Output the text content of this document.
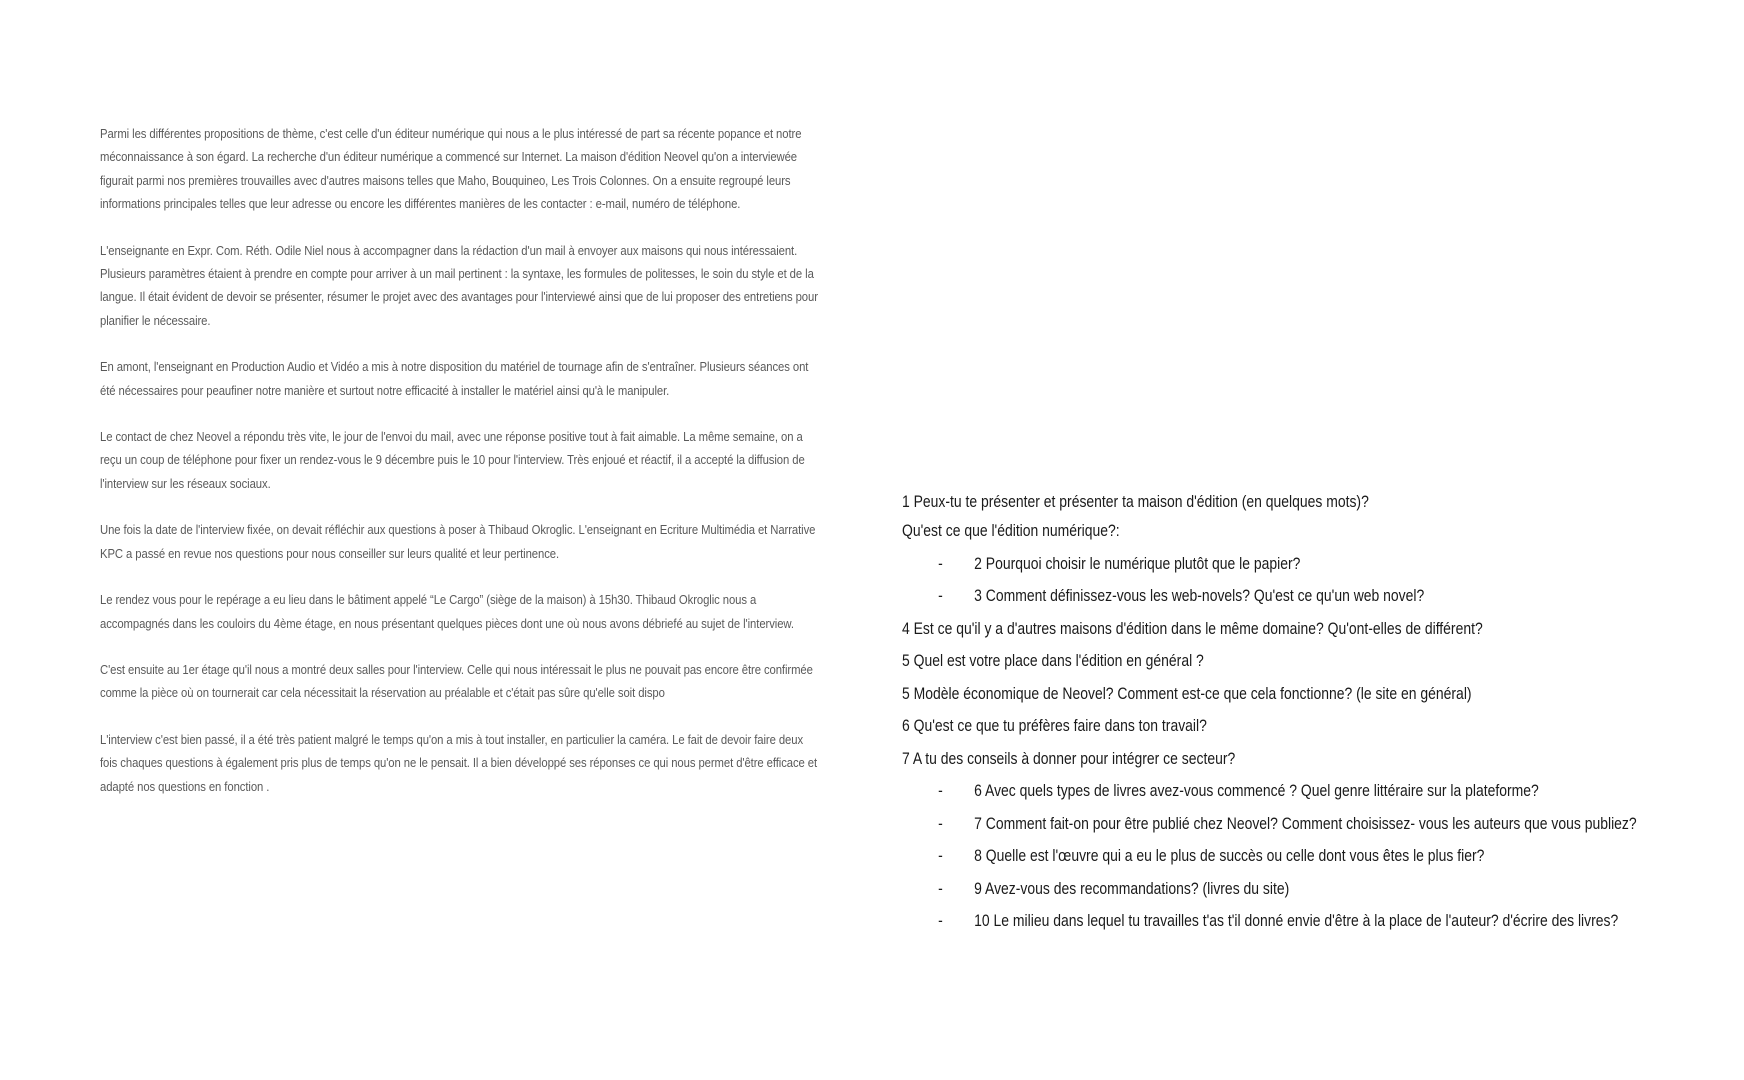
Parmi les différentes propositions de thème, c'est celle d'un éditeur numérique qui nous a le plus intéressé de part sa récente popance et notre méconnaissance à son égard. La recherche d'un éditeur numérique a commencé sur Internet. La maison d'édition Neovel qu'on a interviewée figurait parmi nos premières trouvailles avec d'autres maisons telles que Maho, Bouquineo, Les Trois Colonnes. On a ensuite regroupé leurs informations principales telles que leur adresse ou encore les différentes manières de les contacter : e-mail, numéro de téléphone.

L'enseignante en Expr. Com. Réth. Odile Niel nous à accompagner dans la rédaction d'un mail à envoyer aux maisons qui nous intéressaient. Plusieurs paramètres étaient à prendre en compte pour arriver à un mail pertinent : la syntaxe, les formules de politesses, le soin du style et de la langue. Il était évident de devoir se présenter, résumer le projet avec des avantages pour l'interviewé ainsi que de lui proposer des entretiens pour planifier le nécessaire.

En amont, l'enseignant en Production Audio et Vidéo a mis à notre disposition du matériel de tournage afin de s'entraîner. Plusieurs séances ont été nécessaires pour peaufiner notre manière et surtout notre efficacité à installer le matériel ainsi qu'à le manipuler.

Le contact de chez Neovel a répondu très vite, le jour de l'envoi du mail, avec une réponse positive tout à fait aimable. La même semaine, on a reçu un coup de téléphone pour fixer un rendez-vous le 9 décembre puis le 10 pour l'interview. Très enjoué et réactif, il a accepté la diffusion de l'interview sur les réseaux sociaux.

Une fois la date de l'interview fixée, on devait réfléchir aux questions à poser à Thibaud Okroglic. L'enseignant en Ecriture Multimédia et Narrative KPC a passé en revue nos questions pour nous conseiller sur leurs qualité et leur pertinence.

Le rendez vous pour le repérage a eu lieu dans le bâtiment appelé “Le Cargo” (siège de la maison) à 15h30. Thibaud Okroglic nous a accompagnés dans les couloirs du 4ème étage, en nous présentant quelques pièces dont une où nous avons débriefé au sujet de l'interview.

C'est ensuite au 1er étage qu'il nous a montré deux salles pour l'interview. Celle qui nous intéressait le plus ne pouvait pas encore être confirmée comme la pièce où on tournerait car cela nécessitait la réservation au préalable et c'était pas sûre qu'elle soit dispo

L'interview c'est bien passé, il a été très patient malgré le temps qu'on a mis à tout installer, en particulier la caméra. Le fait de devoir faire deux fois chaques questions à également pris plus de temps qu'on ne le pensait. Il a bien développé ses réponses ce qui nous permet d'être efficace et adapté nos questions en fonction .

1 Peux-tu te présenter et présenter ta maison d'édition (en quelques mots)?
Qu'est ce que l'édition numérique?:
- 2 Pourquoi choisir le numérique plutôt que le papier?
- 3 Comment définissez-vous les web-novels? Qu'est ce qu'un web novel?
4 Est ce qu'il y a d'autres maisons d'édition dans le même domaine? Qu'ont-elles de différent?
5 Quel est votre place dans l'édition en général ?
5 Modèle économique de Neovel? Comment est-ce que cela fonctionne? (le site en général)
6 Qu'est ce que tu préfères faire dans ton travail?
7 A tu des conseils à donner pour intégrer ce secteur?
- 6 Avec quels types de livres avez-vous commencé ? Quel genre littéraire sur la plateforme?
- 7 Comment fait-on pour être publié chez Neovel? Comment choisissez- vous les auteurs que vous publiez?
- 8 Quelle est l'œuvre qui a eu le plus de succès ou celle dont vous êtes le plus fier?
- 9 Avez-vous des recommandations? (livres du site)
- 10 Le milieu dans lequel tu travailles t'as t'il donné envie d'être à la place de l'auteur? d'écrire des livres?
